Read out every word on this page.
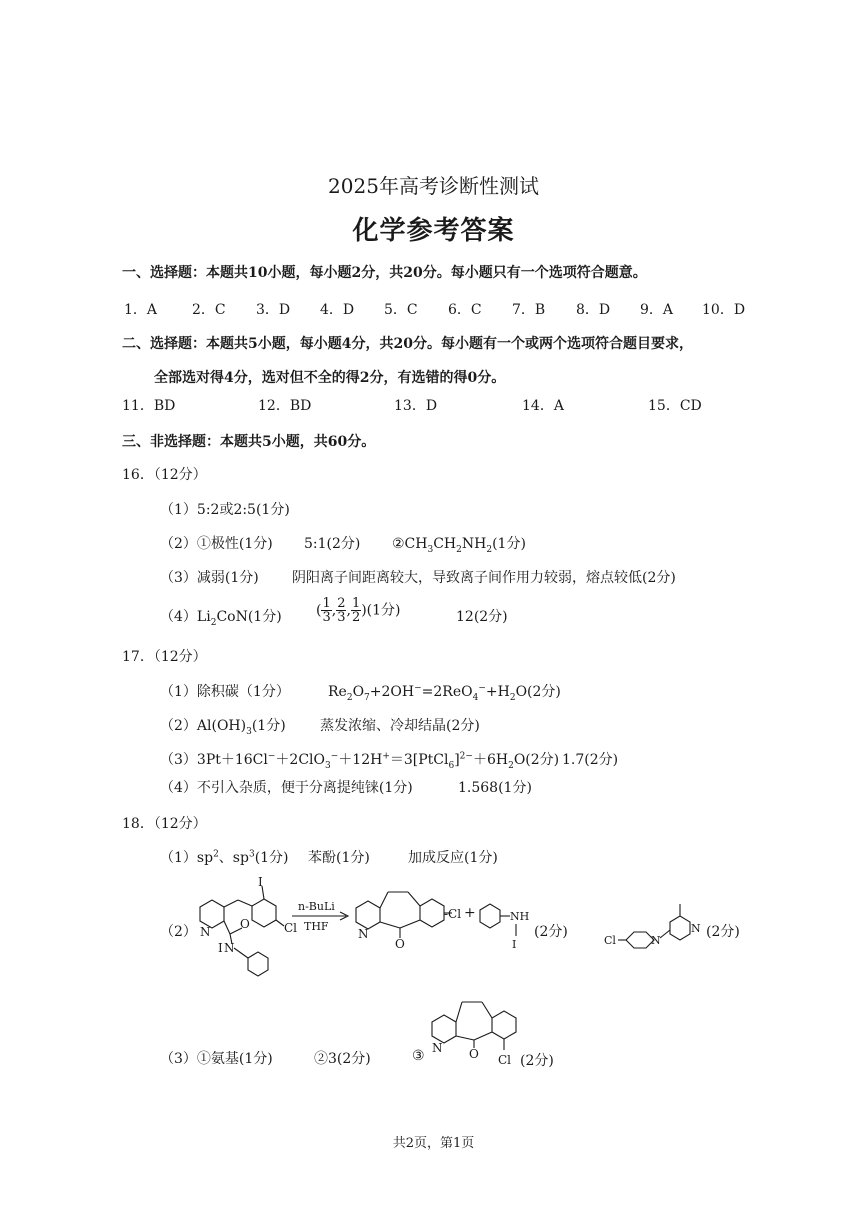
2025年高考诊断性测试
化学参考答案
一、选择题：本题共10小题，每小题2分，共20分。每小题只有一个选项符合题意。
1．A 2．C 3．D 4．D 5．C 6．C 7．B 8．D 9．A 10．D
二、选择题：本题共5小题，每小题4分，共20分。每小题有一个或两个选项符合题目要求，
全部选对得4分，选对但不全的得2分，有选错的得0分。
11．BD	12．BD	13．D	14．A	15．CD
三、非选择题：本题共5小题，共60分。
16．（12分）
（1）5:2或2:5(1分)
（2）①极性(1分) 5:1(2分) $②CH_3CH_2NH_2(1$分)
（3）减弱(1分) 阴阳离子间距离较大，导致离子间作用力较弱，熔点较低(2分)
$(4)Li_2CoN(1$分) ( $\frac{1}{3}$ , $\frac{2}{3}$ , $\frac{1}{2} )(1$分)	12(2分)
17．（12分）
（1）除积碳（1分）	$Re_2O_7+2OH^-=2ReO_4^-+H_2O(2$分)
$(2)Al(OH)_3(1$分) 蒸发浓缩、冷却结晶(2分)
$(3)3Pt+16Cl^-+2ClO_3^-+12H^+=3[PtCl_6]^{2-}+6H_2O(2$分) 1.7(2分)
（4）不引入杂质，便于分离提纯铼(1分)	1.568(1分)
18．（12分）
$(1)sp^2$、$sp^3(1$分) 苯酚(1分)	加成反应(1分)
（2）
I
Cl
N
O
N
I
n-BuLi
THF
O
N
-Cl +	NH
I
(2分)
Cl	N
N (2分)
（3）①氨基(1分)	②3(2分)	③	O
N
Cl (2分)
共2页，第1页
